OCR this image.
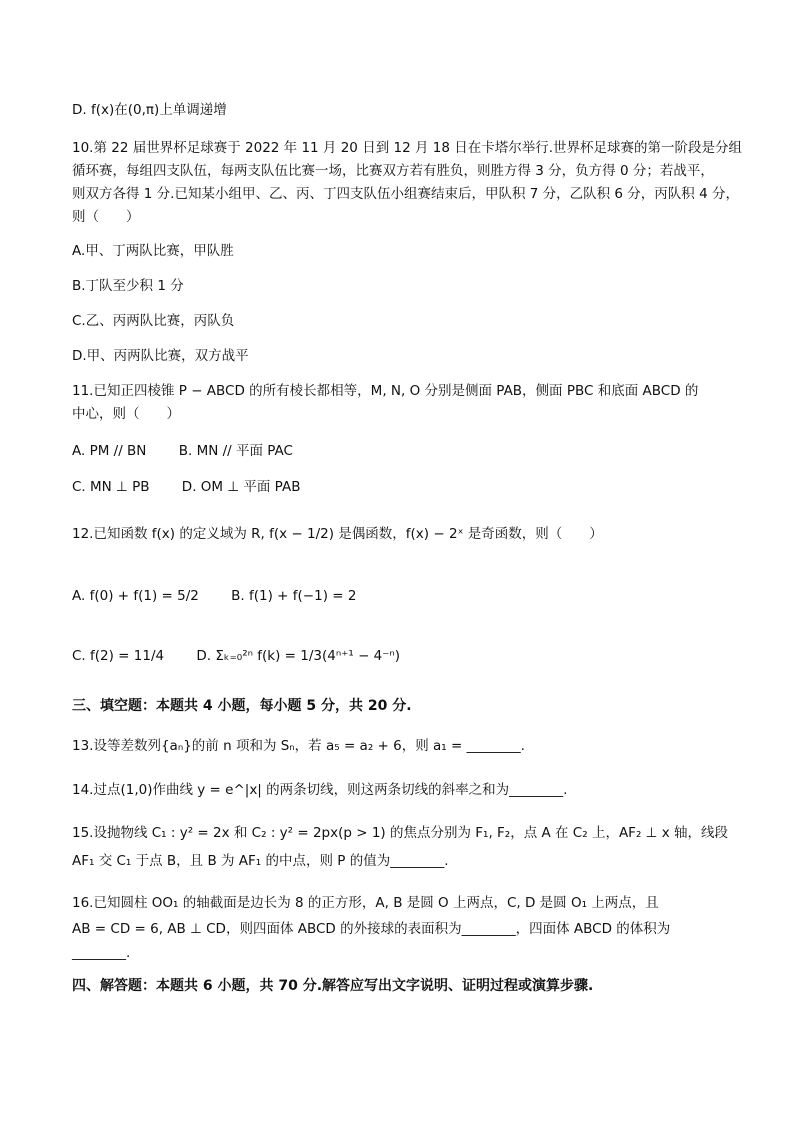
D. f(x)在(0,π)上单调递增
10.第 22 届世界杯足球赛于 2022 年 11 月 20 日到 12 月 18 日在卡塔尔举行.世界杯足球赛的第一阶段是分组
循环赛，每组四支队伍，每两支队伍比赛一场，比赛双方若有胜负，则胜方得 3 分，负方得 0 分；若战平，
则双方各得 1 分.已知某小组甲、乙、丙、丁四支队伍小组赛结束后，甲队积 7 分，乙队积 6 分，丙队积 4 分，
则（　　）
A.甲、丁两队比赛，甲队胜
B.丁队至少积 1 分
C.乙、丙两队比赛，丙队负
D.甲、丙两队比赛，双方战平
11.已知正四棱锥 P − ABCD 的所有棱长都相等，M, N, O 分别是侧面 PAB，侧面 PBC 和底面 ABCD 的
中心，则（　　）
A. PM // BN B. MN // 平面 PAC
C. MN ⊥ PB D. OM ⊥ 平面 PAB
12.已知函数 f(x) 的定义域为 R, f(x − 1/2) 是偶函数，f(x) − 2ˣ 是奇函数，则（　　）
A. f(0) + f(1) = 5/2 B. f(1) + f(−1) = 2
C. f(2) = 11/4 D. Σₖ₌₀²ⁿ f(k) = 1/3(4ⁿ⁺¹ − 4⁻ⁿ)
三、填空题：本题共 4 小题，每小题 5 分，共 20 分.
13.设等差数列{aₙ}的前 n 项和为 Sₙ，若 a₅ = a₂ + 6，则 a₁ = ________.
14.过点(1,0)作曲线 y = e^|x| 的两条切线，则这两条切线的斜率之和为________.
15.设抛物线 C₁ : y² = 2x 和 C₂ : y² = 2px(p > 1) 的焦点分别为 F₁, F₂，点 A 在 C₂ 上，AF₂ ⊥ x 轴，线段
AF₁ 交 C₁ 于点 B，且 B 为 AF₁ 的中点，则 P 的值为________.
16.已知圆柱 OO₁ 的轴截面是边长为 8 的正方形，A, B 是圆 O 上两点，C, D 是圆 O₁ 上两点，且
AB = CD = 6, AB ⊥ CD，则四面体 ABCD 的外接球的表面积为________，四面体 ABCD 的体积为
________.
四、解答题：本题共 6 小题，共 70 分.解答应写出文字说明、证明过程或演算步骤.
